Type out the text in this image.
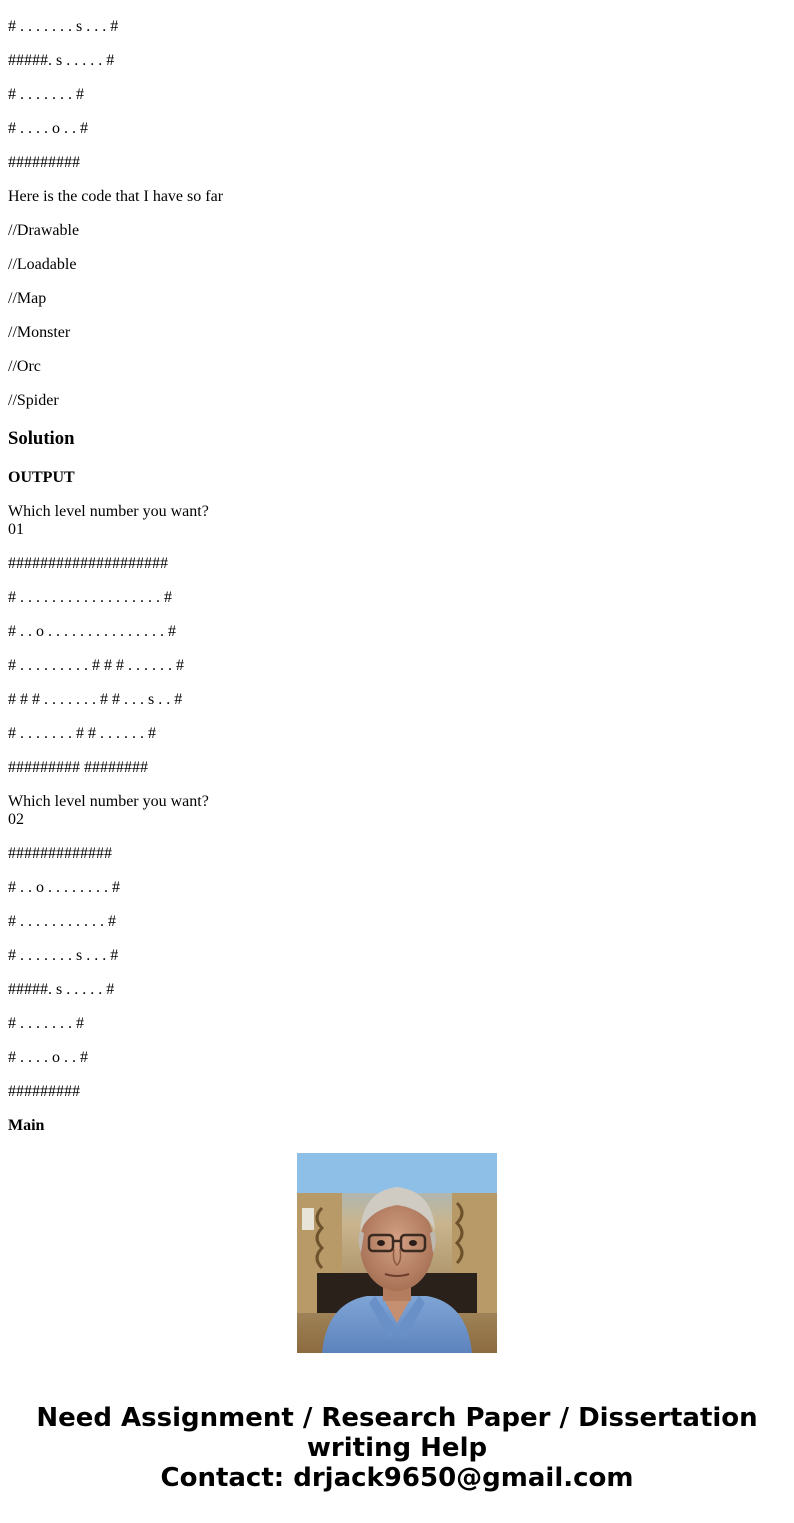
# . . . . . . . s . . . #

#####. s . . . . . #

# . . . . . . . #

# . . . . o . . #

#########

Here is the code that I have so far

//Drawable

//Loadable

//Map

//Monster

//Orc

//Spider

Solution

OUTPUT

Which level number you want?

01

####################

# . . . . . . . . . . . . . . . . . . #

# . . o . . . . . . . . . . . . . . . #

# . . . . . . . . . # # # . . . . . . #

# # # . . . . . . . # # . . . s . . #

# . . . . . . . # # . . . . . . #

######### ########

Which level number you want?

02

#############

# . . o . . . . . . . . #

# . . . . . . . . . . . #

# . . . . . . . s . . . #

#####. s . . . . . #

# . . . . . . . #

# . . . . o . . #

#########

Main

Need Assignment / Research Paper / Dissertation
writing Help
Contact: drjack9650@gmail.com
